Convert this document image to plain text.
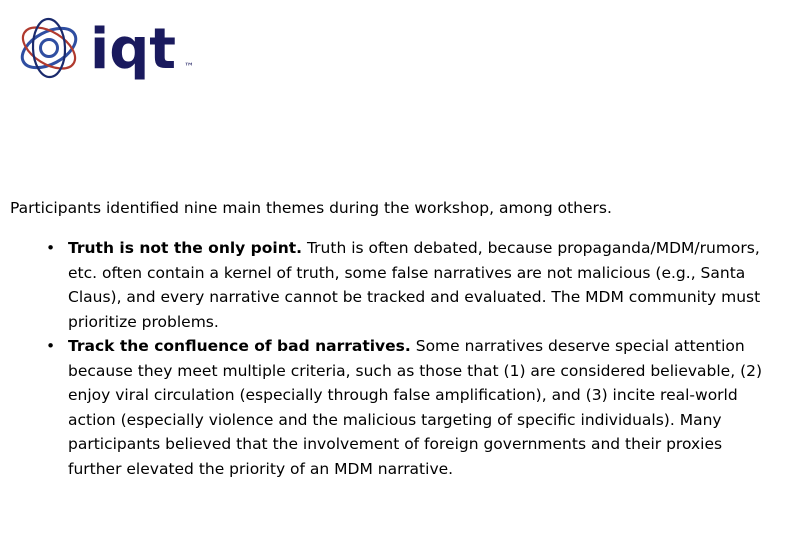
iqt ™

Participants identified nine main themes during the workshop, among others.

• Truth is not the only point. Truth is often debated, because propaganda/MDM/rumors, etc. often contain a kernel of truth, some false narratives are not malicious (e.g., Santa Claus), and every narrative cannot be tracked and evaluated. The MDM community must prioritize problems.
• Track the confluence of bad narratives. Some narratives deserve special attention because they meet multiple criteria, such as those that (1) are considered believable, (2) enjoy viral circulation (especially through false amplification), and (3) incite real-world action (especially violence and the malicious targeting of specific individuals). Many participants believed that the involvement of foreign governments and their proxies further elevated the priority of an MDM narrative.
